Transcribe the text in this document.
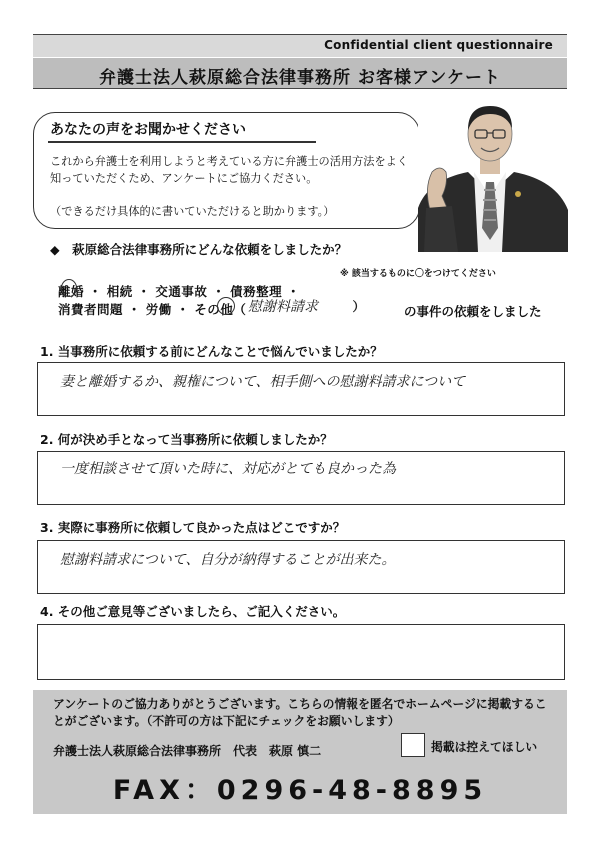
Confidential client questionnaire
弁護士法人萩原総合法律事務所 お客様アンケート
あなたの声をお聞かせください
これから弁護士を利用しようと考えている方に弁護士の活用方法をよく知っていただくため、アンケートにご協力ください。
（できるだけ具体的に書いていただけると助かります。）
◆　萩原総合法律事務所にどんな依頼をしましたか？
※ 該当するものに〇をつけてください
離婚 ・ 相続 ・ 交通事故 ・ 債務整理 ・
消費者問題 ・ 労働 ・ その他（ 慰謝料請求	）	の事件の依頼をしました
1. 当事務所に依頼する前にどんなことで悩んでいましたか？
妻と離婚するか、親権について、相手側への慰謝料請求について
2. 何が決め手となって当事務所に依頼しましたか？
一度相談させて頂いた時に、対応がとても良かった為
3. 実際に事務所に依頼して良かった点はどこですか？
慰謝料請求について、自分が納得することが出来た。
4. その他ご意見等ございましたら、ご記入ください。
アンケートのご協力ありがとうございます。こちらの情報を匿名でホームページに掲載することがございます。（不許可の方は下記にチェックをお願いします）
弁護士法人萩原総合法律事務所　代表　萩原 慎二	掲載は控えてほしい
FAX：0296-48-8895
